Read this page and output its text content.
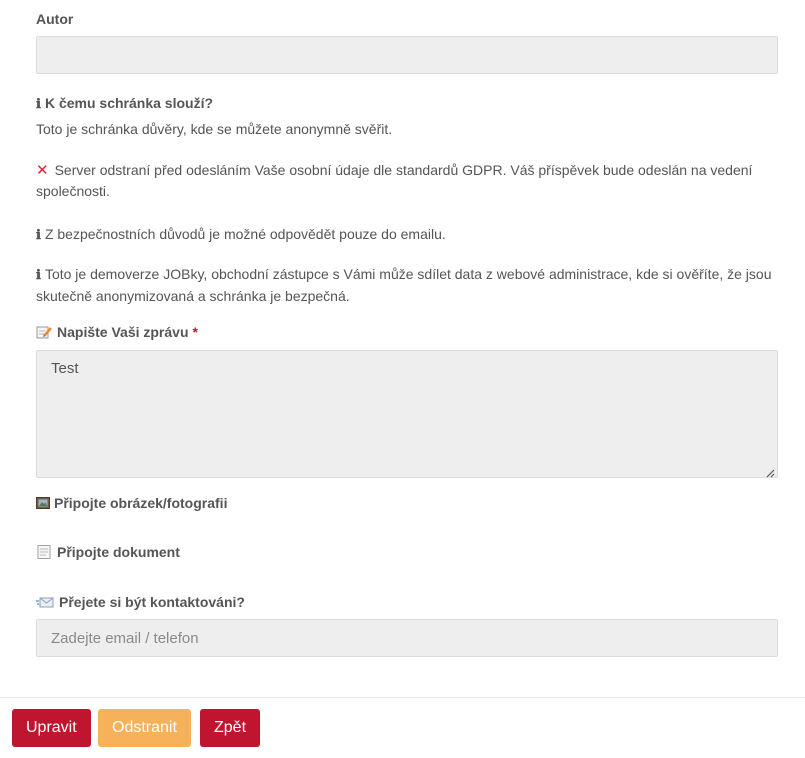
Autor
ℹ K čemu schránka slouží?
Toto je schránka důvěry, kde se můžete anonymně svěřit.
✕ Server odstraní před odesláním Vaše osobní údaje dle standardů GDPR. Váš příspěvek bude odeslán na vedení společnosti.
ℹ Z bezpečnostních důvodů je možné odpovědět pouze do emailu.
ℹ Toto je demoverze JOBky, obchodní zástupce s Vámi může sdílet data z webové administrace, kde si ověříte, že jsou skutečně anonymizovaná a schránka je bezpečná.
Napište Vaši zprávu *
Test
Připojte obrázek/fotografii
Připojte dokument
Přejete si být kontaktováni?
Zadejte email / telefon
Upravit	Odstranit	Zpět
